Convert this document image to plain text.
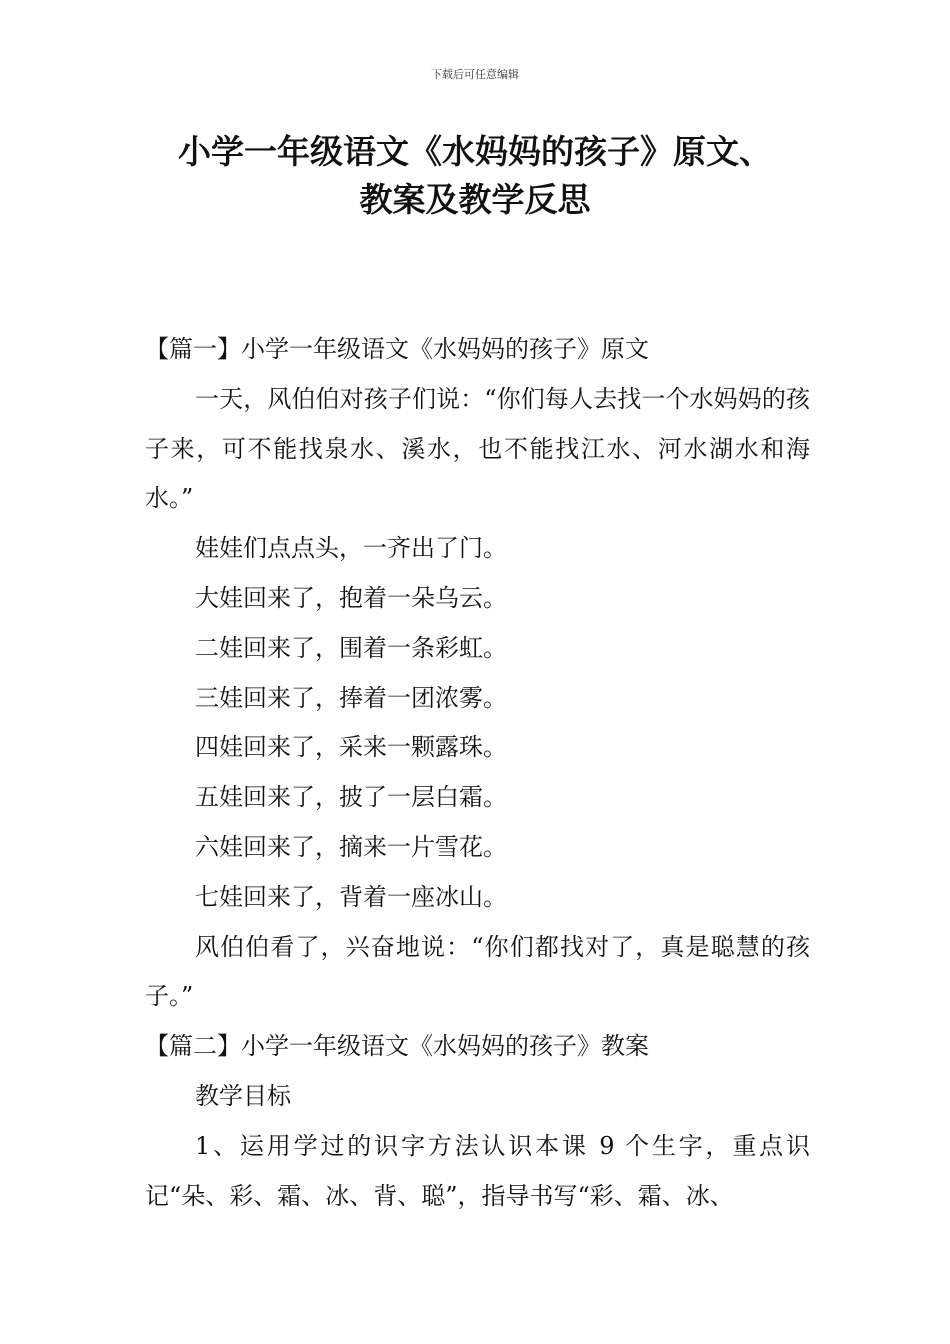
下载后可任意编辑
小学一年级语文《水妈妈的孩子》原文、
教案及教学反思

【篇一】小学一年级语文《水妈妈的孩子》原文

一天，风伯伯对孩子们说：“你们每人去找一个水妈妈的孩子来，可不能找泉水、溪水，也不能找江水、河水湖水和海水。”

娃娃们点点头，一齐出了门。

大娃回来了，抱着一朵乌云。

二娃回来了，围着一条彩虹。

三娃回来了，捧着一团浓雾。

四娃回来了，采来一颗露珠。

五娃回来了，披了一层白霜。

六娃回来了，摘来一片雪花。

七娃回来了，背着一座冰山。

风伯伯看了，兴奋地说：“你们都找对了，真是聪慧的孩子。”

【篇二】小学一年级语文《水妈妈的孩子》教案

教学目标

1、运用学过的识字方法认识本课 9 个生字，重点识记“朵、彩、霜、冰、背、聪”，指导书写“彩、霜、冰、
